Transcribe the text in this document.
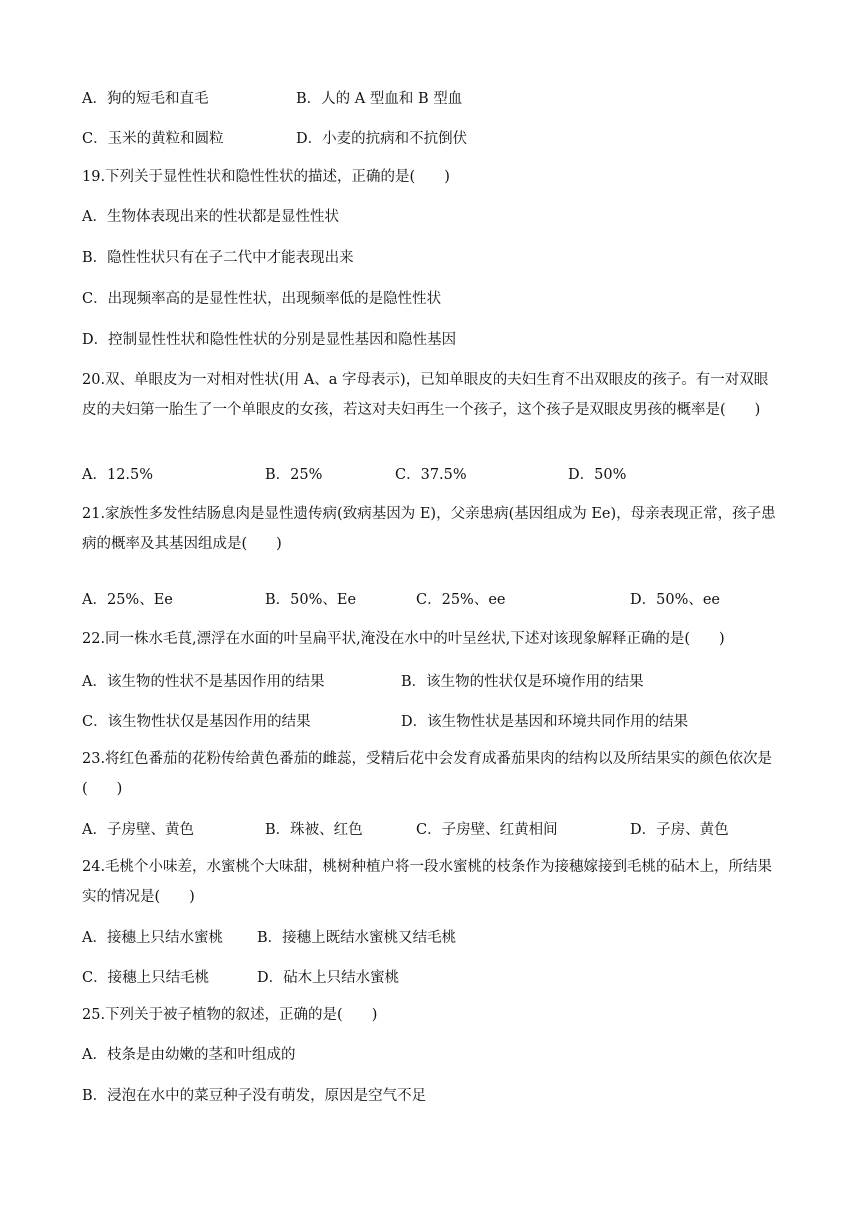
A．狗的短毛和直毛	B．人的 A 型血和 B 型血
C．玉米的黄粒和圆粒	D．小麦的抗病和不抗倒伏
19.下列关于显性性状和隐性性状的描述，正确的是(　　)
A．生物体表现出来的性状都是显性性状
B．隐性性状只有在子二代中才能表现出来
C．出现频率高的是显性性状，出现频率低的是隐性性状
D．控制显性性状和隐性性状的分别是显性基因和隐性基因
20.双、单眼皮为一对相对性状(用 A、a 字母表示)，已知单眼皮的夫妇生育不出双眼皮的孩子。有一对双眼皮的夫妇第一胎生了一个单眼皮的女孩，若这对夫妇再生一个孩子，这个孩子是双眼皮男孩的概率是(　　)
A．12.5%	B．25%	C．37.5%	D．50%
21.家族性多发性结肠息肉是显性遗传病(致病基因为 E)，父亲患病(基因组成为 Ee)，母亲表现正常，孩子患病的概率及其基因组成是(　　)
A．25%、Ee	B．50%、Ee	C．25%、ee	D．50%、ee
22.同一株水毛茛,漂浮在水面的叶呈扁平状,淹没在水中的叶呈丝状,下述对该现象解释正确的是(　　)
A．该生物的性状不是基因作用的结果	B．该生物的性状仅是环境作用的结果
C．该生物性状仅是基因作用的结果	D．该生物性状是基因和环境共同作用的结果
23.将红色番茄的花粉传给黄色番茄的雌蕊，受精后花中会发育成番茄果肉的结构以及所结果实的颜色依次是(　　)
A．子房壁、黄色	B．珠被、红色	C．子房壁、红黄相间	D．子房、黄色
24.毛桃个小味差，水蜜桃个大味甜，桃树种植户将一段水蜜桃的枝条作为接穗嫁接到毛桃的砧木上，所结果实的情况是(　　)
A．接穗上只结水蜜桃 B．接穗上既结水蜜桃又结毛桃
C．接穗上只结毛桃	D．砧木上只结水蜜桃
25.下列关于被子植物的叙述，正确的是(　　)
A．枝条是由幼嫩的茎和叶组成的
B．浸泡在水中的菜豆种子没有萌发，原因是空气不足
